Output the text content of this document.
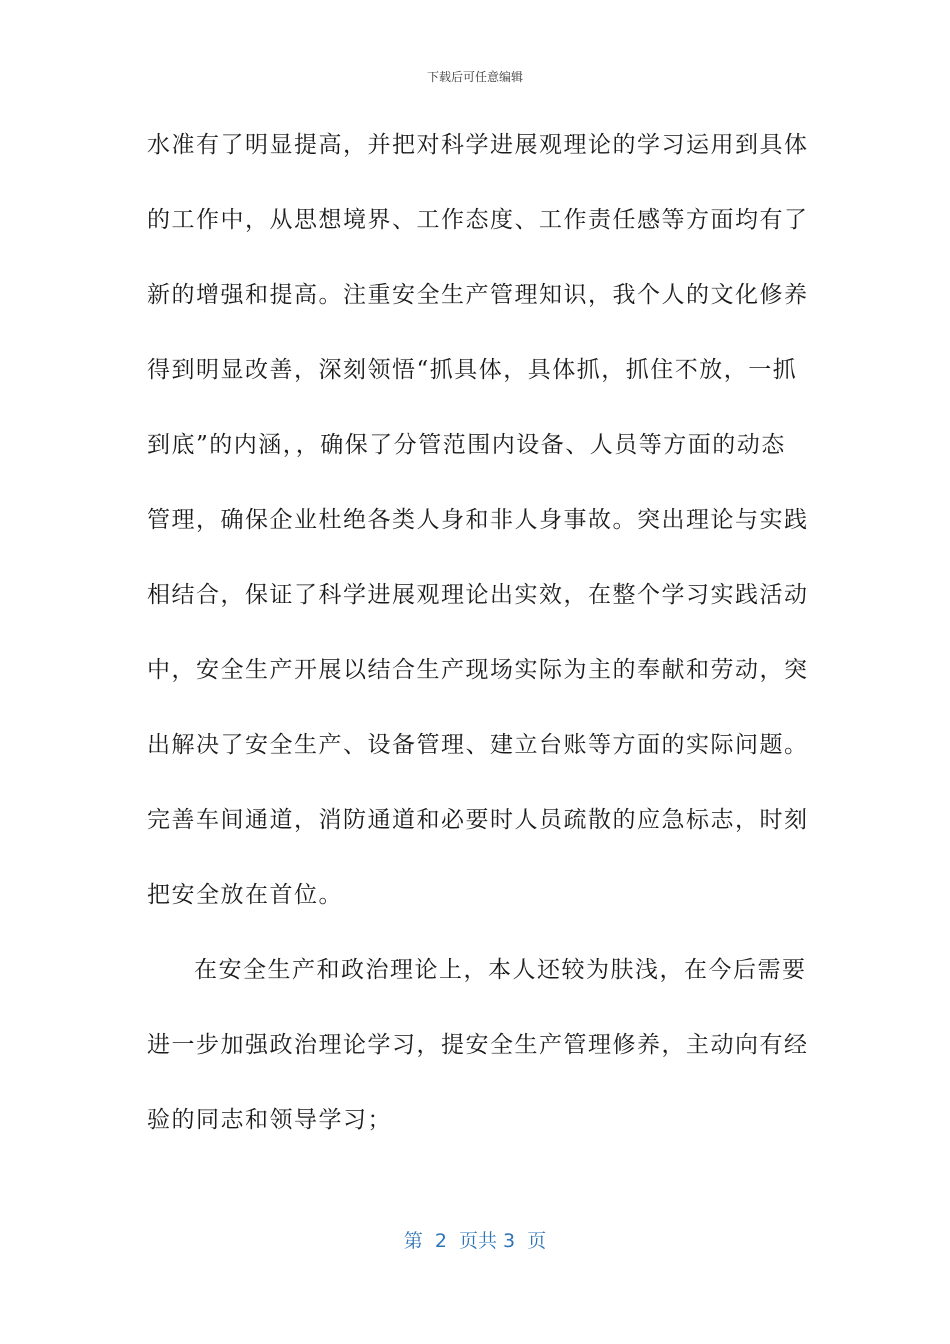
下载后可任意编辑
水准有了明显提高，并把对科学进展观理论的学习运用到具体
的工作中，从思想境界、工作态度、工作责任感等方面均有了
新的增强和提高。注重安全生产管理知识，我个人的文化修养
得到明显改善，深刻领悟“抓具体，具体抓，抓住不放，一抓
到底”的内涵，，确保了分管范围内设备、人员等方面的动态
管理，确保企业杜绝各类人身和非人身事故。突出理论与实践
相结合，保证了科学进展观理论出实效，在整个学习实践活动
中，安全生产开展以结合生产现场实际为主的奉献和劳动，突
出解决了安全生产、设备管理、建立台账等方面的实际问题。
完善车间通道，消防通道和必要时人员疏散的应急标志，时刻
把安全放在首位。
在安全生产和政治理论上，本人还较为肤浅，在今后需要
进一步加强政治理论学习，提安全生产管理修养，主动向有经
验的同志和领导学习；
第  2  页共 3  页
